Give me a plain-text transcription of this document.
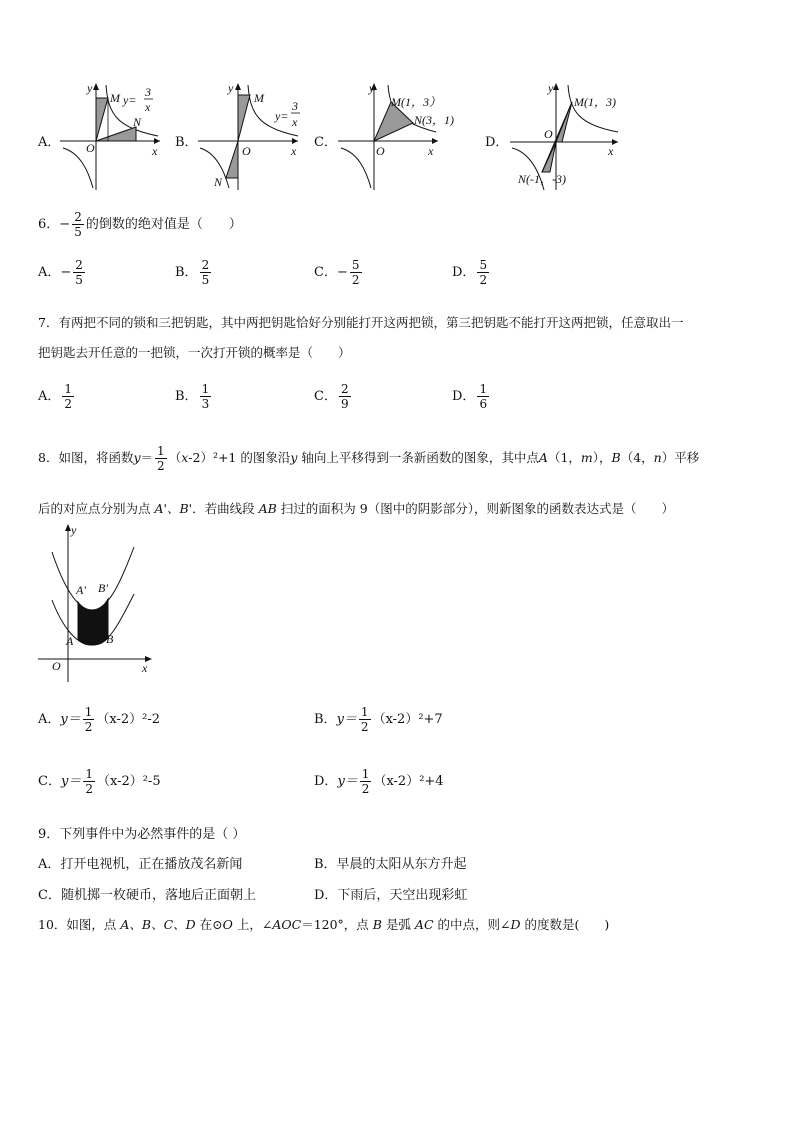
A．
y
O	x
M
N
y=
3
x
B．
y
O	x
M
N
y=
3
x
C．
y
O	x
M(1，3）
N(3，1)
D．
y
O
x
M(1，3)
N(-1，-3)
6．− $\frac{2}{5}$ 的倒数的绝对值是（　　）
A．− $\frac{2}{5}$	B． $\frac{2}{5}$	C．− $\frac{5}{2}$	D． $\frac{5}{2}$
7．有两把不同的锁和三把钥匙，其中两把钥匙恰好分别能打开这两把锁，第三把钥匙不能打开这两把锁，任意取出一
把钥匙去开任意的一把锁，一次打开锁的概率是（　　）
A． $\frac{1}{2}$	B． $\frac{1}{3}$	C． $\frac{2}{9}$	D． $\frac{1}{6}$
8．如图，将函数$y= \frac{1}{2} (x-2)^2+1$ 的图象沿y 轴向上平移得到一条新函数的图象，其中点A（1，m），B（4，n）平移
后的对应点分别为点 A'、B'．若曲线段 AB 扫过的面积为 9（图中的阴影部分），则新图象的函数表达式是（　　）
y
x
O
A	B
A' B'
A．$y= \frac{1}{2} (x-2)^2-2$	B．$y= \frac{1}{2} (x-2)^2+7$
C．$y= \frac{1}{2} (x-2)^2-5$	D．$y= \frac{1}{2} (x-2)^2+4$
9．下列事件中为必然事件的是（ ）
A．打开电视机，正在播放茂名新闻	B．早晨的太阳从东方升起
C．随机掷一枚硬币，落地后正面朝上	D．下雨后，天空出现彩虹
10．如图，点 A、B、C、D 在⊙O 上，∠AOC＝120°，点 B 是弧 AC 的中点，则∠D 的度数是(　　)
